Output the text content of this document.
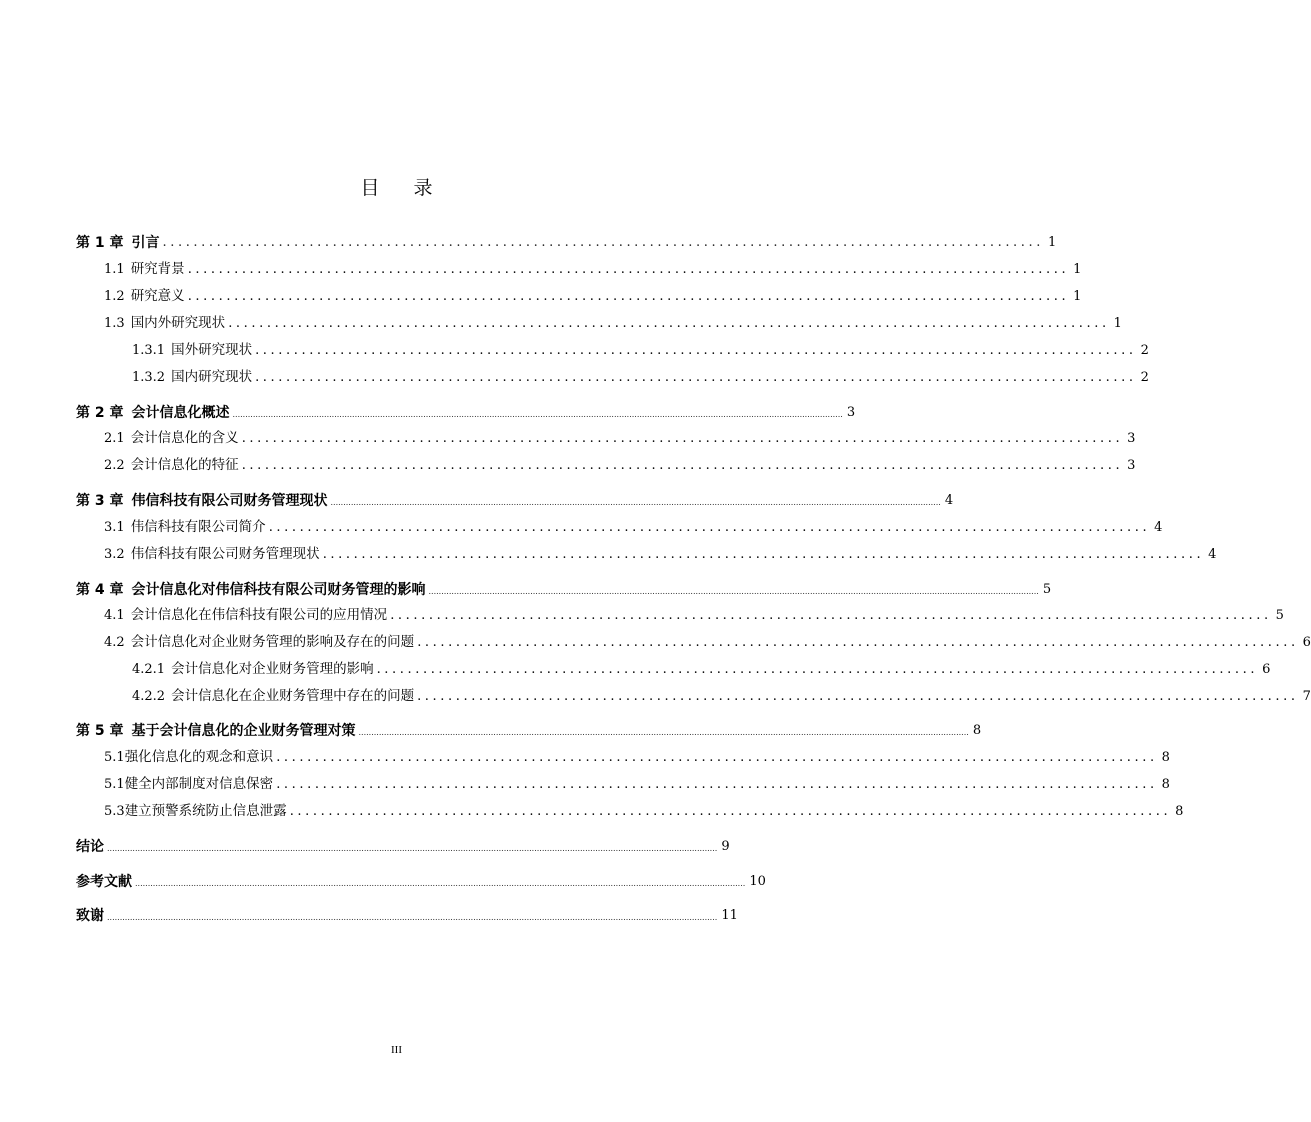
目 录
第 1 章 引言 .................................................................................................................. 1
1.1 研究背景 .................................................................................................................. 1
1.2 研究意义 .................................................................................................................. 1
1.3 国内外研究现状 .................................................................................................................. 1
1.3.1 国外研究现状 .................................................................................................................. 2
1.3.2 国内研究现状 .................................................................................................................. 2
第 2 章 会计信息化概述 ................................................................................................................................................................................................................................................ 3
2.1 会计信息化的含义 .................................................................................................................. 3
2.2 会计信息化的特征 .................................................................................................................. 3
第 3 章 伟信科技有限公司财务管理现状 ................................................................................................................................................................................................................................................ 4
3.1 伟信科技有限公司简介 .................................................................................................................. 4
3.2 伟信科技有限公司财务管理现状 .................................................................................................................. 4
第 4 章 会计信息化对伟信科技有限公司财务管理的影响 ................................................................................................................................................................................................................................................ 5
4.1 会计信息化在伟信科技有限公司的应用情况 .................................................................................................................. 5
4.2 会计信息化对企业财务管理的影响及存在的问题 .................................................................................................................. 6
4.2.1 会计信息化对企业财务管理的影响 .................................................................................................................. 6
4.2.2 会计信息化在企业财务管理中存在的问题 .................................................................................................................. 7
第 5 章 基于会计信息化的企业财务管理对策 ................................................................................................................................................................................................................................................ 8
5.1强化信息化的观念和意识 .................................................................................................................. 8
5.1健全内部制度对信息保密 .................................................................................................................. 8
5.3建立预警系统防止信息泄露 .................................................................................................................. 8
结论 ................................................................................................................................................................................................................................................ 9
参考文献 ................................................................................................................................................................................................................................................ 10
致谢 ................................................................................................................................................................................................................................................ 11
III
